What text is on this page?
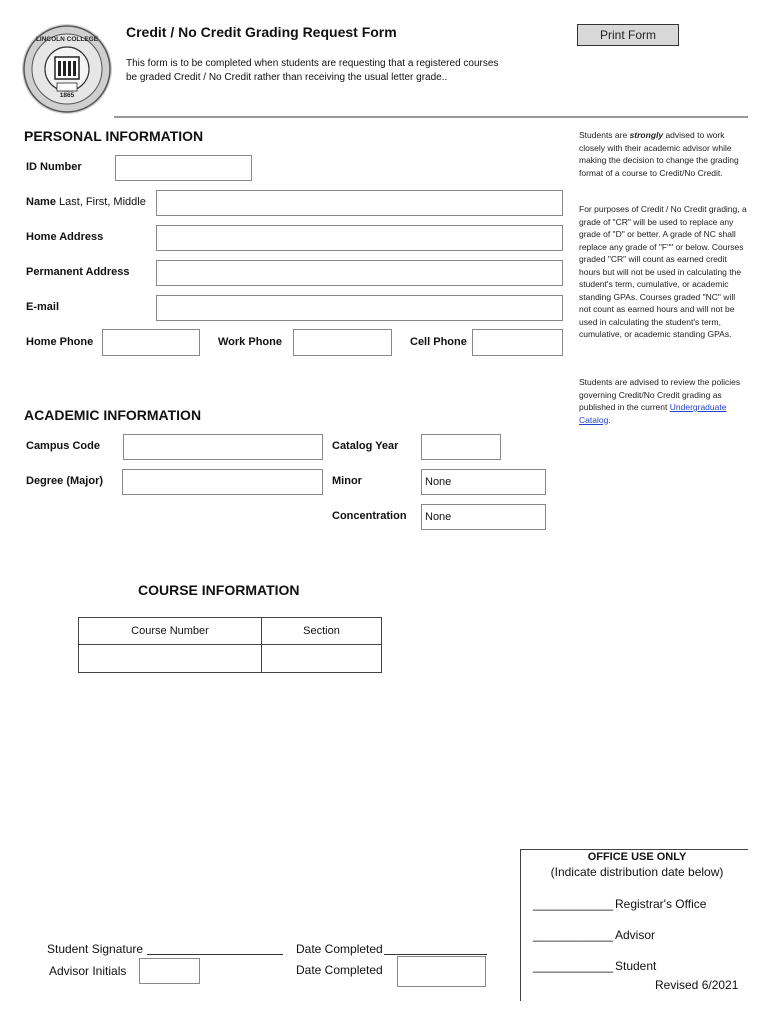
LINCOLN COLLEGE
1865
Credit / No Credit Grading Request Form
This form is to be completed when students are requesting that a registered courses be graded Credit / No Credit rather than receiving the usual letter grade..
Print Form
PERSONAL INFORMATION
ID Number
Name Last, First, Middle
Home Address
Permanent Address
E-mail
Home Phone	Work Phone	Cell Phone
Students are strongly advised to work closely with their academic advisor while making the decision to change the grading format of a course to Credit/No Credit.
For purposes of Credit / No Credit grading, a grade of "CR" will be used to replace any grade of "D" or better. A grade of NC shall replace any grade of "F"" or below. Courses graded "CR" will count as earned credit hours but will not be used in calculating the student's term, cumulative, or academic standing GPAs. Courses graded "NC" will not count as earned hours and will not be used in calculating the student's term, cumulative, or academic standing GPAs.
Students are advised to review the policies governing Credit/No Credit grading as published in the current Undergraduate Catalog.
ACADEMIC INFORMATION
Campus Code	Catalog Year
Degree (Major)	Minor
None
Concentration
None
COURSE INFORMATION
Course Number	Section

Student Signature	Date Completed
Advisor Initials	Date Completed
OFFICE USE ONLY
(Indicate distribution date below)
____________ Registrar's Office
____________ Advisor
____________ Student
Revised 6/2021
